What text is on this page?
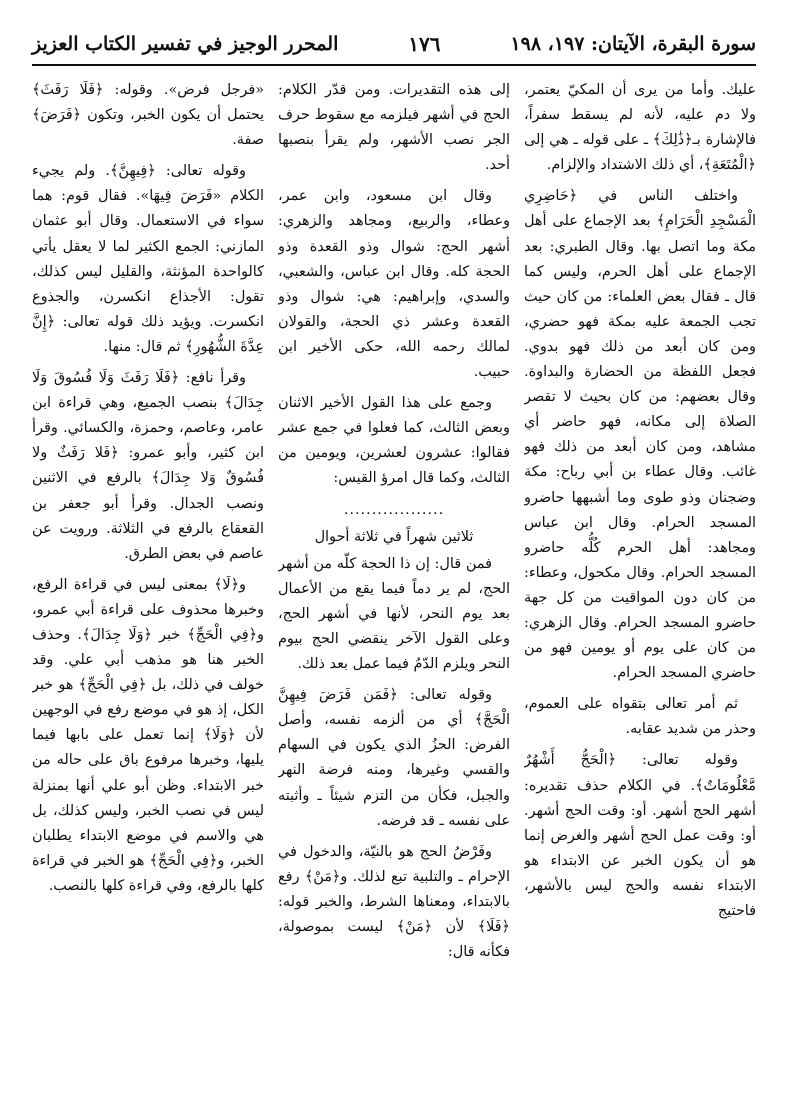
سورة البقرة، الآيتان: ١٩٧، ١٩٨
١٧٦
المحرر الوجيز في تفسير الكتاب العزيز

عليك. وأما من يرى أن المكيّ يعتمر، ولا دم عليه، لأنه لم يسقط سفراً، فالإشارة بـ﴿ذَٰلِكَ﴾ ـ على قوله ـ هي إلى ﴿الْمُتَعَةِ﴾، أي ذلك الاشتداد والإلزام.

واختلف الناس في ﴿حَاضِرِي الْمَسْجِدِ الْحَرَامِ﴾ بعد الإجماع على أهل مكة وما اتصل بها. وقال الطبري: بعد الإجماع على أهل الحرم، وليس كما قال ـ فقال بعض العلماء: من كان حيث تجب الجمعة عليه بمكة فهو حضري، ومن كان أبعد من ذلك فهو بدوي. فجعل اللفظة من الحضارة والبداوة. وقال بعضهم: من كان بحيث لا تقصر الصلاة إلى مكانه، فهو حاضر أي مشاهد، ومن كان أبعد من ذلك فهو غائب. وقال عطاء بن أبي رباح: مكة وضجنان وذو طوى وما أشبهها حاضرو المسجد الحرام. وقال ابن عباس ومجاهد: أهل الحرم كُلُّه حاضرو المسجد الحرام. وقال مكحول، وعطاء: من كان دون المواقيت من كل جهة حاضرو المسجد الحرام. وقال الزهري: من كان على يوم أو يومين فهو من حاضري المسجد الحرام.

ثم أمر تعالى بتقواه على العموم، وحذر من شديد عقابه.

وقوله تعالى: ﴿الْحَجُّ أَشْهُرٌ مَّعْلُومَاتٌ﴾. في الكلام حذف تقديره: أشهر الحج أشهر. أو: وقت الحج أشهر. أو: وقت عمل الحج أشهر والغرض إنما هو أن يكون الخبر عن الابتداء هو الابتداء نفسه والحج ليس بالأشهر، فاحتيج

إلى هذه التقديرات. ومن قدّر الكلام: الحج في أشهر فيلزمه مع سقوط حرف الجر نصب الأشهر، ولم يقرأ بنصبها أحد.

وقال ابن مسعود، وابن عمر، وعطاء، والربيع، ومجاهد والزهري: أشهر الحج: شوال وذو القعدة وذو الحجة كله. وقال ابن عباس، والشعبي، والسدي، وإبراهيم: هي: شوال وذو القعدة وعشر ذي الحجة، والقولان لمالك رحمه الله، حكى الأخير ابن حبيب.

وجمع على هذا القول الأخير الاثنان وبعض الثالث، كما فعلوا في جمع عشر فقالوا: عشرون لعشرين، ويومين من الثالث، وكما قال امرؤ القيس:

..................

ثلاثين شهراً في ثلاثة أحوال

فمن قال: إن ذا الحجة كلّه من أشهر الحج، لم ير دماً فيما يقع من الأعمال بعد يوم النحر، لأنها في أشهر الحج، وعلى القول الآخر ينقضي الحج بيوم النحر ويلزم الدّمُ فيما عمل بعد ذلك.

وقوله تعالى: ﴿فَمَن فَرَضَ فِيهِنَّ الْحَجَّ﴾ أي من ألزمه نفسه، وأصل الفرض: الحزُ الذي يكون في السهام والقسي وغيرها، ومنه فرضة النهر والجبل، فكأن من التزم شيئاً ـ وأثبته على نفسه ـ قد فرضه.

وفَرْضُ الحج هو بالنيّة، والدخول في الإحرام ـ والتلبية تبع لذلك. و﴿مَنْ﴾ رفع بالابتداء، ومعناها الشرط، والخبر قوله: ﴿فَلَا﴾ لأن ﴿مَنْ﴾ ليست بموصولة، فكأنه قال:

«فرجل فرض». وقوله: ﴿فَلَا رَفَثَ﴾ يحتمل أن يكون الخبر، وتكون ﴿فَرَضَ﴾ صفة.

وقوله تعالى: ﴿فِيهِنَّ﴾. ولم يجيء الكلام «فَرَضَ فِيهَا». فقال قوم: هما سواء في الاستعمال. وقال أبو عثمان المازني: الجمع الكثير لما لا يعقل يأتي كالواحدة المؤنثة، والقليل ليس كذلك، تقول: الأجذاع انكسرن، والجذوع انكسرت. ويؤيد ذلك قوله تعالى: ﴿إِنَّ عِدَّةَ الشُّهُورِ﴾ ثم قال: منها.

وقرأ نافع: ﴿فَلَا رَفَثَ وَلَا فُسُوقَ وَلَا جِدَالَ﴾ بنصب الجميع، وهي قراءة ابن عامر، وعاصم، وحمزة، والكسائي. وقرأ ابن كثير، وأبو عمرو: ﴿فَلا رَفَثٌ ولا فُسُوقٌ وَلا جِدَالَ﴾ بالرفع في الاثنين ونصب الجدال. وقرأ أبو جعفر بن القعقاع بالرفع في الثلاثة. ورويت عن عاصم في بعض الطرق.

و﴿لَا﴾ بمعنى ليس في قراءة الرفع، وخبرها محذوف على قراءة أبي عمرو، و﴿فِي الْحَجِّ﴾ خبر ﴿وَلَا جِدَالَ﴾. وحذف الخبر هنا هو مذهب أبي علي. وقد خولف في ذلك، بل ﴿فِي الْحَجِّ﴾ هو خبر الكل، إذ هو في موضع رفع في الوجهين لأن ﴿وَلَا﴾ إنما تعمل على بابها فيما يليها، وخبرها مرفوع باق على حاله من خبر الابتداء. وظن أبو علي أنها بمنزلة ليس في نصب الخبر، وليس كذلك، بل هي والاسم في موضع الابتداء يطلبان الخبر، و﴿فِي الْحَجِّ﴾ هو الخبر في قراءة كلها بالرفع، وفي قراءة كلها بالنصب.
